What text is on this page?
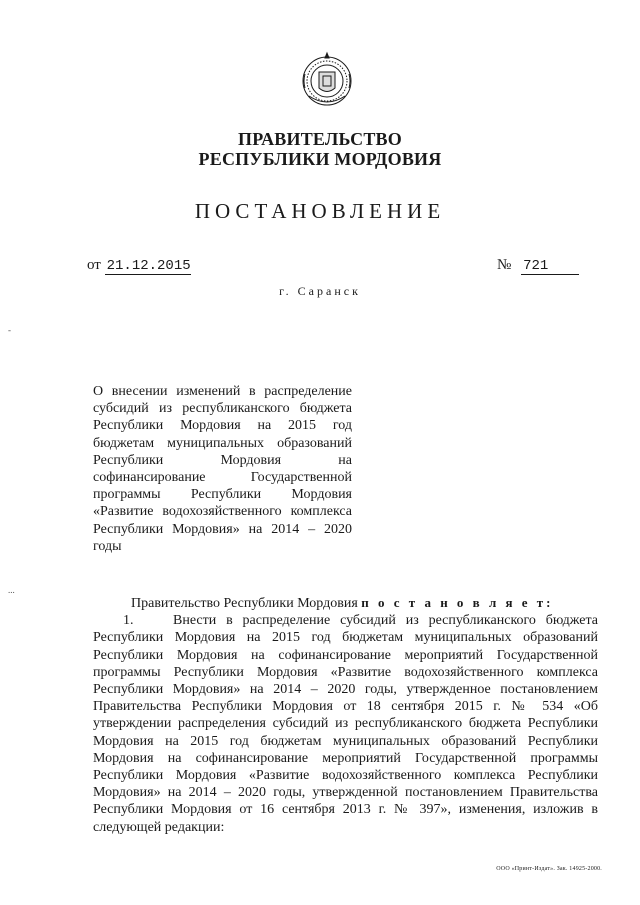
ПРАВИТЕЛЬСТВО
РЕСПУБЛИКИ МОРДОВИЯ
ПОСТАНОВЛЕНИЕ
от 21.12.2015	№ 721
г. Саранск
О внесении изменений в распределение субсидий из республиканского бюджета Республики Мордовия на 2015 год бюджетам муниципальных образований Республики Мордовия на софинансирование Государственной программы Республики Мордовия «Развитие водохозяйственного комплекса Республики Мордовия» на 2014 – 2020 годы

Правительство Республики Мордовия п о с т а н о в л я е т:

1.	Внести в распределение субсидий из республиканского бюджета Республики Мордовия на 2015 год бюджетам муниципальных образований Республики Мордовия на софинансирование мероприятий Государственной программы Республики Мордовия «Развитие водохозяйственного комплекса Республики Мордовия» на 2014 – 2020 годы, утвержденное постановлением Правительства Республики Мордовия от 18 сентября 2015 г. № 534 «Об утверждении распределения субсидий из республиканского бюджета Республики Мордовия на 2015 год бюджетам муниципальных образований Республики Мордовия на софинансирование мероприятий Государственной программы Республики Мордовия «Развитие водохозяйственного комплекса Республики Мордовия» на 2014 – 2020 годы, утвержденной постановлением Правительства Республики Мордовия от 16 сентября 2013 г. № 397», изменения, изложив в следующей редакции:

-
...
ООО «Принт-Издат». Зак. 14925-2000.
